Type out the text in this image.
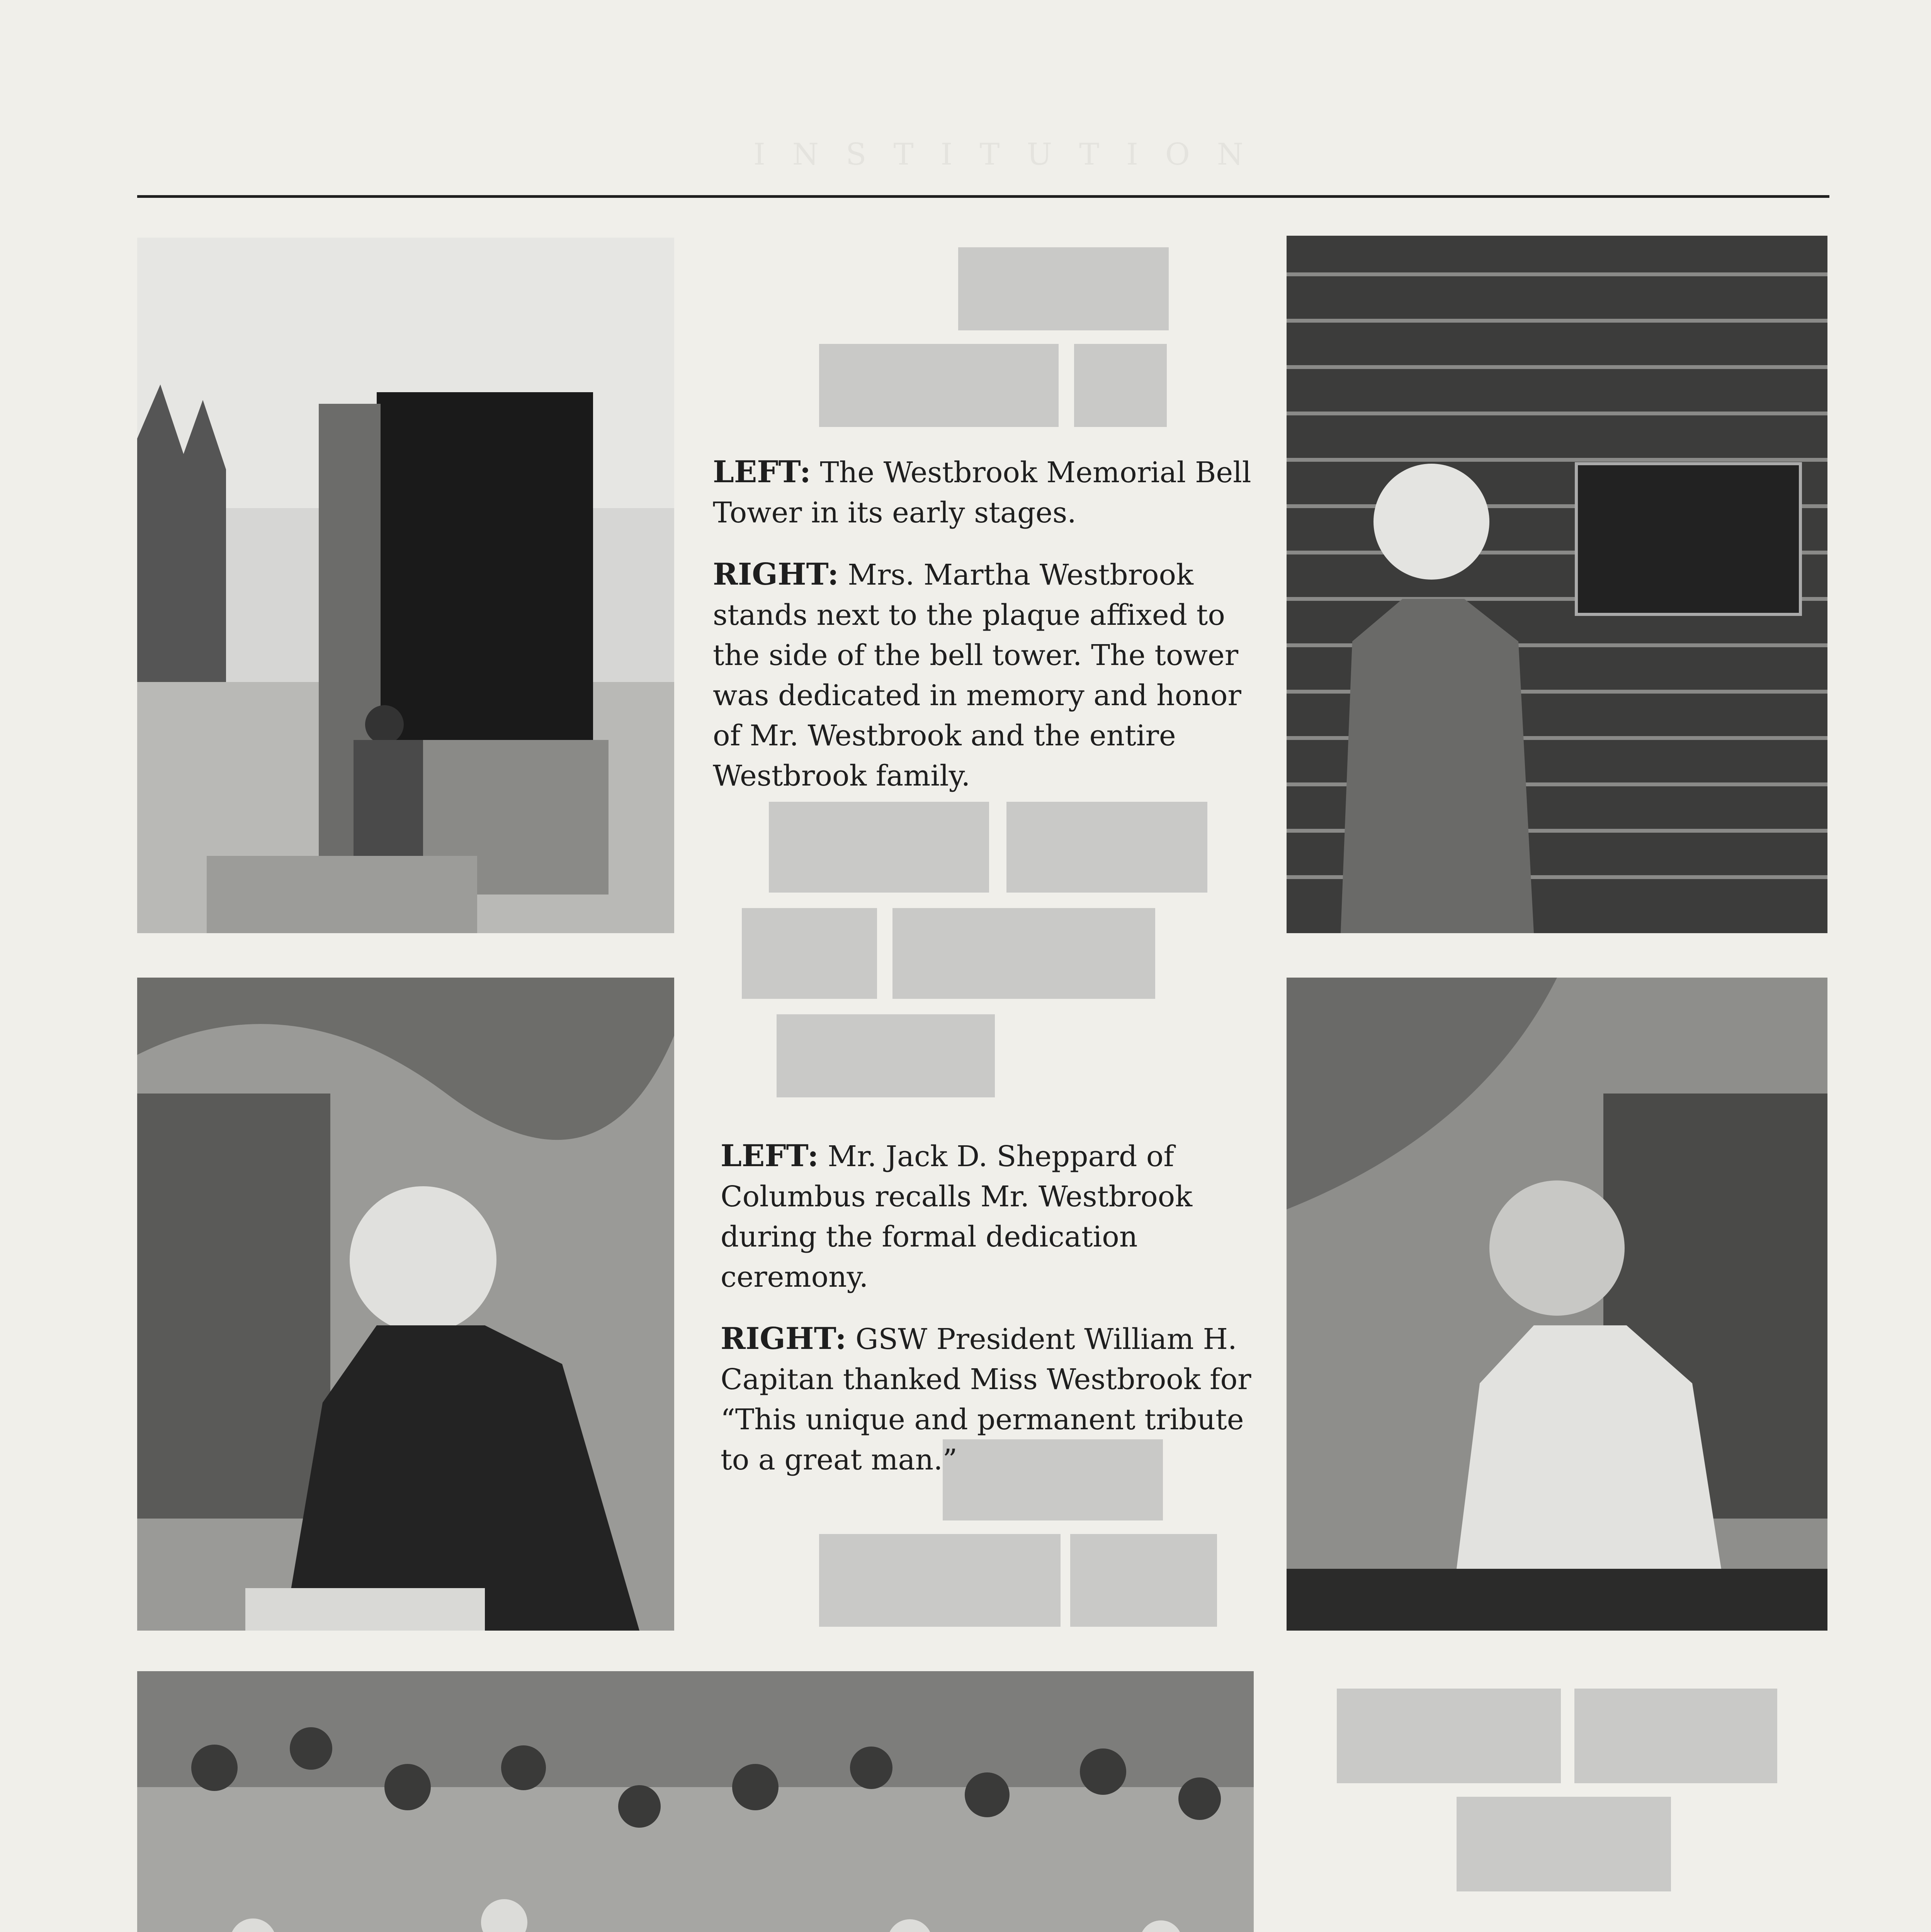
INSTITUTION

LEFT: The Westbrook Memorial Bell Tower in its early stages.

RIGHT: Mrs. Martha Westbrook stands next to the plaque affixed to the side of the bell tower. The tower was dedicated in memory and honor of Mr. Westbrook and the entire Westbrook family.

LEFT: Mr. Jack D. Sheppard of Columbus recalls Mr. Westbrook during the formal dedication ceremony.

RIGHT: GSW President William H. Capitan thanked Miss Westbrook for “This unique and permanent tribute to a great man.”
